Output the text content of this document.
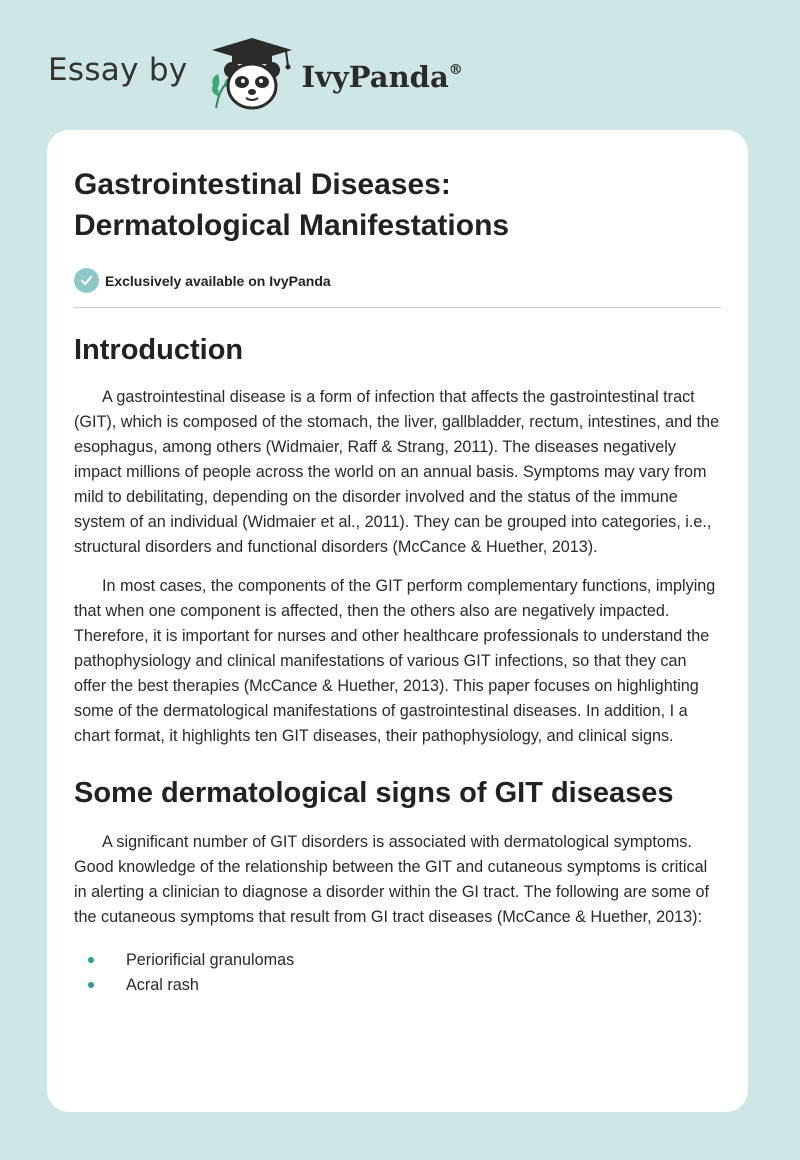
Essay by	IvyPanda®
Gastrointestinal Diseases:
Dermatological Manifestations
Exclusively available on IvyPanda
Introduction

A gastrointestinal disease is a form of infection that affects the gastrointestinal tract (GIT), which is composed of the stomach, the liver, gallbladder, rectum, intestines, and the esophagus, among others (Widmaier, Raff & Strang, 2011). The diseases negatively impact millions of people across the world on an annual basis. Symptoms may vary from mild to debilitating, depending on the disorder involved and the status of the immune system of an individual (Widmaier et al., 2011). They can be grouped into categories, i.e., structural disorders and functional disorders (McCance & Huether, 2013).

In most cases, the components of the GIT perform complementary functions, implying that when one component is affected, then the others also are negatively impacted. Therefore, it is important for nurses and other healthcare professionals to understand the pathophysiology and clinical manifestations of various GIT infections, so that they can offer the best therapies (McCance & Huether, 2013). This paper focuses on highlighting some of the dermatological manifestations of gastrointestinal diseases. In addition, I a chart format, it highlights ten GIT diseases, their pathophysiology, and clinical signs.

Some dermatological signs of GIT diseases

A significant number of GIT disorders is associated with dermatological symptoms. Good knowledge of the relationship between the GIT and cutaneous symptoms is critical in alerting a clinician to diagnose a disorder within the GI tract. The following are some of the cutaneous symptoms that result from GI tract diseases (McCance & Huether, 2013):

Periorificial granulomas
Acral rash
